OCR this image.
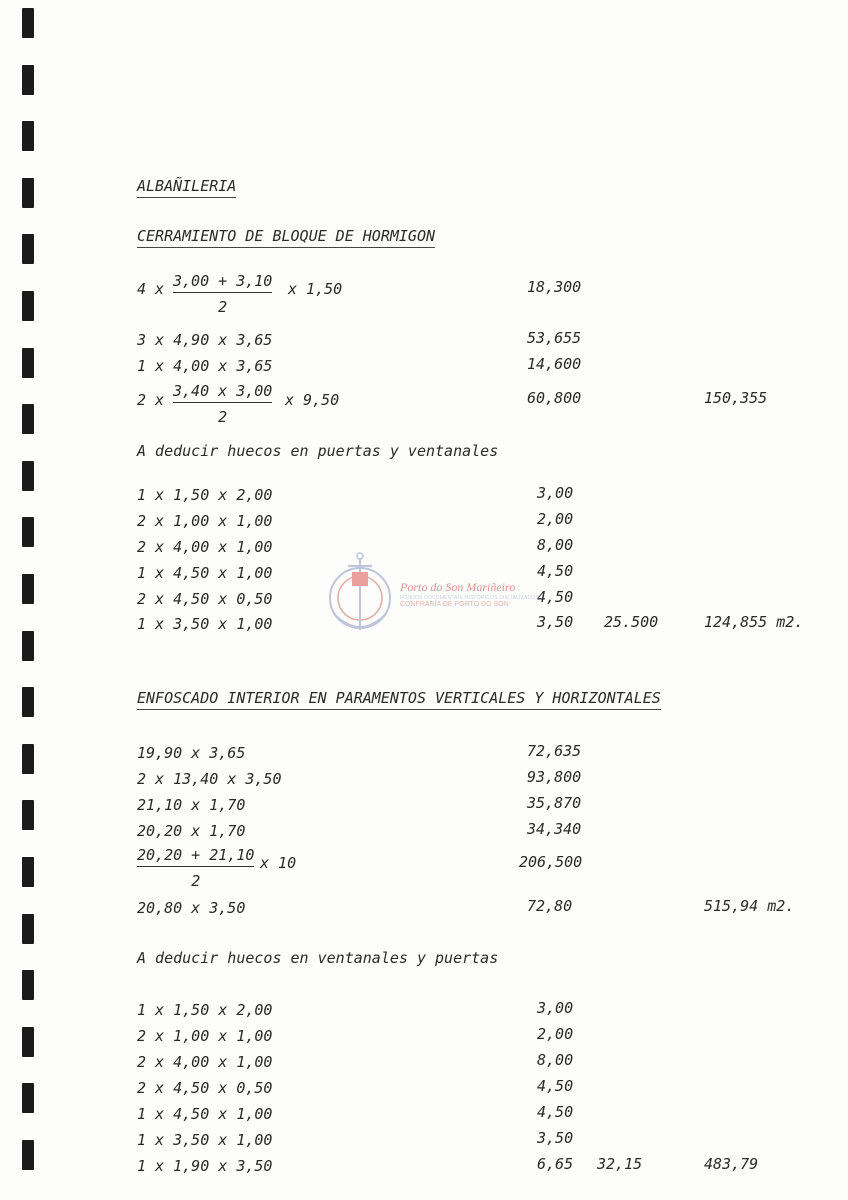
ALBAÑILERIA
CERRAMIENTO DE BLOQUE DE HORMIGON
4 x $\frac{3,00 + 3,10}{2}$ x 1,50	18,300
3 x 4,90 x 3,65	53,655
1 x 4,00 x 3,65	14,600
2 x $\frac{3,40 x 3,00}{2}$ x 9,50	60,800	150,355
A deducir huecos en puertas y ventanales
1 x 1,50 x 2,00	3,00
2 x 1,00 x 1,00	2,00
2 x 4,00 x 1,00	8,00
1 x 4,50 x 1,00	4,50
2 x 4,50 x 0,50	4,50
1 x 3,50 x 1,00	3,50 25.500	124,855 m2.
ENFOSCADO INTERIOR EN PARAMENTOS VERTICALES Y HORIZONTALES
19,90 x 3,65	72,635
2 x 13,40 x 3,50	93,800
21,10 x 1,70	35,870
20,20 x 1,70	34,340
$\frac{20,20 + 21,10}{2}$ x 10	206,500
20,80 x 3,50	72,80	515,94 m2.
A deducir huecos en ventanales y puertas
1 x 1,50 x 2,00	3,00
2 x 1,00 x 1,00	2,00
2 x 4,00 x 1,00	8,00
2 x 4,50 x 0,50	4,50
1 x 4,50 x 1,00	4,50
1 x 3,50 x 1,00	3,50
1 x 1,90 x 3,50	6,65 32,15	483,79
Porto do Son Mariñeiro
FONDOS DOCUMENTAIS HISTÓRICOS DIXITALIZADOS
CONFRARÍA DE PORTO DO SON
